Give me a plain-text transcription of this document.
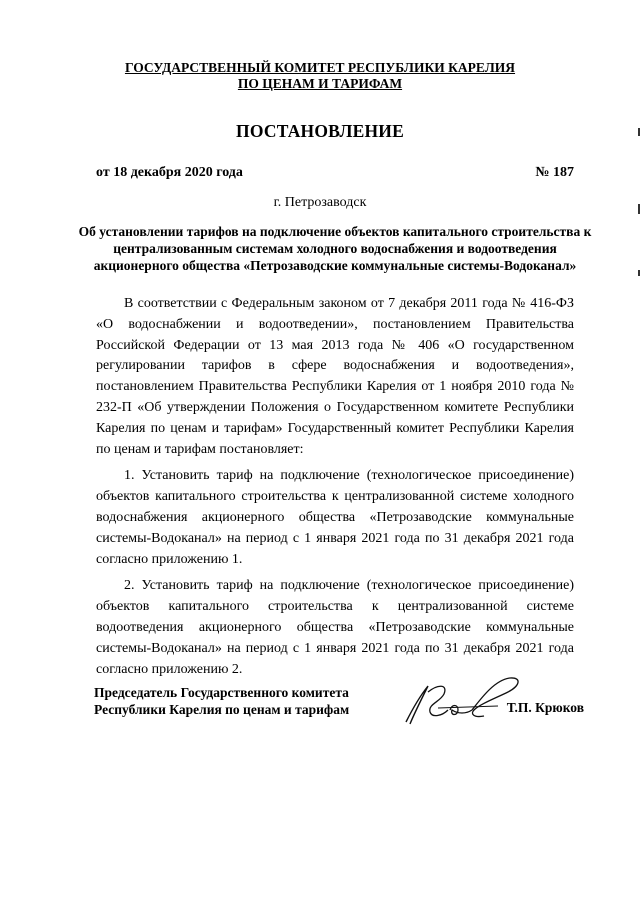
ГОСУДАРСТВЕННЫЙ КОМИТЕТ РЕСПУБЛИКИ КАРЕЛИЯ
ПО ЦЕНАМ И ТАРИФАМ
ПОСТАНОВЛЕНИЕ
от 18 декабря 2020 года	№ 187
г. Петрозаводск
Об установлении тарифов на подключение объектов капитального строительства к централизованным системам холодного водоснабжения и водоотведения акционерного общества «Петрозаводские коммунальные системы-Водоканал»

В соответствии с Федеральным законом от 7 декабря 2011 года № 416-ФЗ «О водоснабжении и водоотведении», постановлением Правительства Российской Федерации от 13 мая 2013 года № 406 «О государственном регулировании тарифов в сфере водоснабжения и водоотведения», постановлением Правительства Республики Карелия от 1 ноября 2010 года № 232-П «Об утверждении Положения о Государственном комитете Республики Карелия по ценам и тарифам» Государственный комитет Республики Карелия по ценам и тарифам постановляет:

1. Установить тариф на подключение (технологическое присоединение) объектов капитального строительства к централизованной системе холодного водоснабжения акционерного общества «Петрозаводские коммунальные системы-Водоканал» на период с 1 января 2021 года по 31 декабря 2021 года согласно приложению 1.

2. Установить тариф на подключение (технологическое присоединение) объектов капитального строительства к централизованной системе водоотведения акционерного общества «Петрозаводские коммунальные системы-Водоканал» на период с 1 января 2021 года по 31 декабря 2021 года согласно приложению 2.

Председатель Государственного комитета
Республики Карелия по ценам и тарифам	Т.П. Крюков
